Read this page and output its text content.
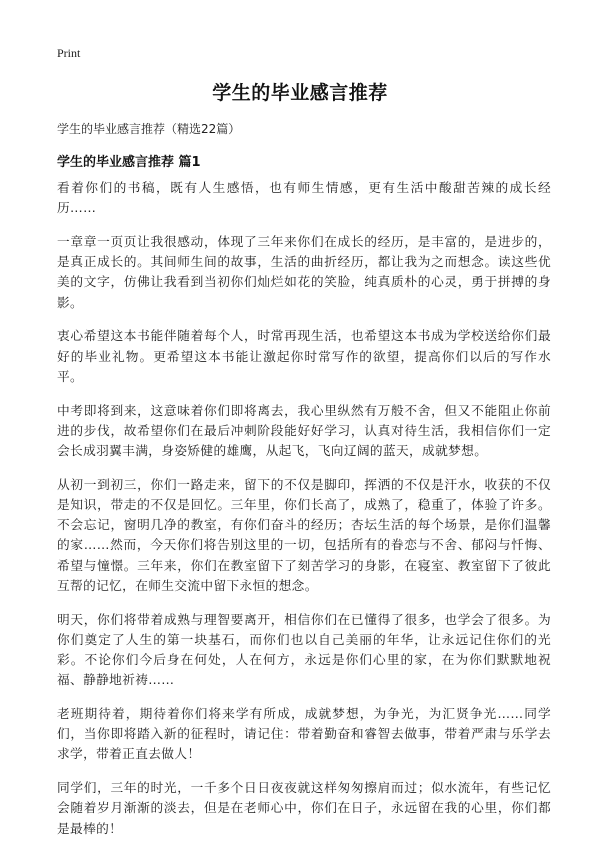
Print
学生的毕业感言推荐
学生的毕业感言推荐（精选22篇）
学生的毕业感言推荐 篇1

看着你们的书稿，既有人生感悟，也有师生情感，更有生活中酸甜苦辣的成长经历……

一章章一页页让我很感动，体现了三年来你们在成长的经历，是丰富的，是进步的，是真正成长的。其间师生间的故事，生活的曲折经历，都让我为之而想念。读这些优美的文字，仿佛让我看到当初你们灿烂如花的笑脸，纯真质朴的心灵，勇于拼搏的身影。

衷心希望这本书能伴随着每个人，时常再现生活，也希望这本书成为学校送给你们最好的毕业礼物。更希望这本书能让激起你时常写作的欲望，提高你们以后的写作水平。

中考即将到来，这意味着你们即将离去，我心里纵然有万般不舍，但又不能阻止你前进的步伐，故希望你们在最后冲刺阶段能好好学习，认真对待生活，我相信你们一定会长成羽翼丰满，身姿矫健的雄鹰，从起飞，飞向辽阔的蓝天，成就梦想。

从初一到初三，你们一路走来，留下的不仅是脚印，挥洒的不仅是汗水，收获的不仅是知识，带走的不仅是回忆。三年里，你们长高了，成熟了，稳重了，体验了许多。不会忘记，窗明几净的教室，有你们奋斗的经历；杏坛生活的每个场景，是你们温馨的家……然而，今天你们将告别这里的一切，包括所有的眷恋与不舍、郁闷与忏悔、希望与憧憬。三年来，你们在教室留下了刻苦学习的身影，在寝室、教室留下了彼此互帮的记忆，在师生交流中留下永恒的想念。

明天，你们将带着成熟与理智要离开，相信你们在已懂得了很多，也学会了很多。为你们奠定了人生的第一块基石，而你们也以自己美丽的年华，让永远记住你们的光彩。不论你们今后身在何处，人在何方，永远是你们心里的家，在为你们默默地祝福、静静地祈祷……

老班期待着，期待着你们将来学有所成，成就梦想，为争光，为汇贤争光……同学们，当你即将踏入新的征程时，请记住：带着勤奋和睿智去做事，带着严肃与乐学去求学，带着正直去做人！

同学们，三年的时光，一千多个日日夜夜就这样匆匆擦肩而过；似水流年，有些记忆会随着岁月渐渐的淡去，但是在老师心中，你们在日子，永远留在我的心里，你们都是最棒的！
